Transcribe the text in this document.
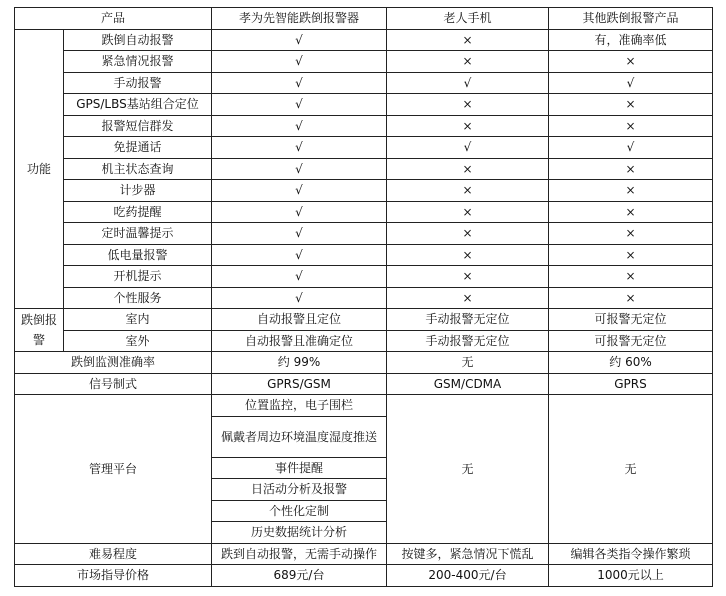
产品		孝为先智能跌倒报警器	老人手机	其他跌倒报警产品
功能	跌倒自动报警	√	×	有，准确率低
	紧急情况报警	√	×	×
	手动报警	√	√	√
	GPS/LBS基站组合定位	√	×	×
	报警短信群发	√	×	×
	免提通话	√	√	√
	机主状态查询	√	×	×
	计步器	√	×	×
	吃药提醒	√	×	×
	定时温馨提示	√	×	×
	低电量报警	√	×	×
	开机提示	√	×	×
	个性服务	√	×	×
跌倒报警	室内	自动报警且定位	手动报警无定位	可报警无定位
	室外	自动报警且准确定位	手动报警无定位	可报警无定位
跌倒监测准确率		约 99%	无	约 60%
信号制式		GPRS/GSM	GSM/CDMA	GPRS
管理平台		位置监控，电子围栏	无	无
		佩戴者周边环境温度湿度推送		
		事件提醒		
		日活动分析及报警		
		个性化定制		
		历史数据统计分析		
难易程度		跌到自动报警，无需手动操作	按键多，紧急情况下慌乱	编辑各类指令操作繁琐
市场指导价格		689元/台	200-400元/台	1000元以上
